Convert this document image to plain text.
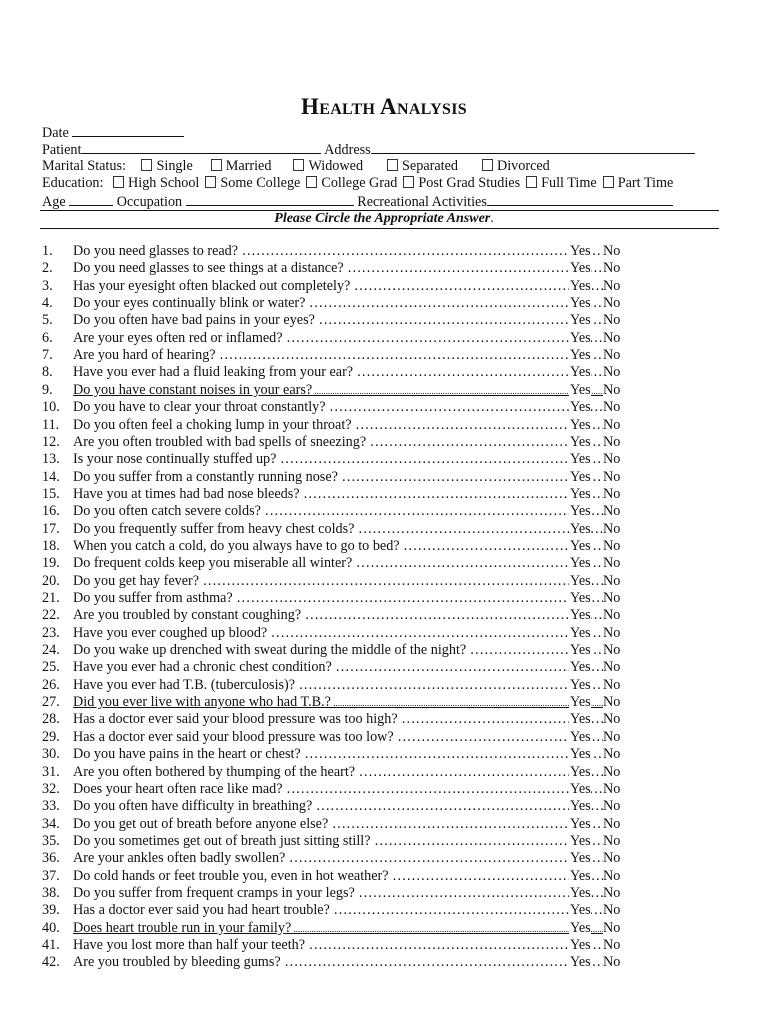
Health Analysis
Date
Patient	Address
Marital Status: Single Married	Widowed	Separated	Divorced
Education: High School Some College College Grad Post Grad Studies Full Time Part Time
Age	Occupation	Recreational Activities
Please Circle the Appropriate Answer.
1.	Do you need glasses to read? ……………………………………………………………………………………………………………………	Yes No
2.	Do you need glasses to see things at a distance? ……………………………………………………………………………………………………………………	Yes No
3.	Has your eyesight often blacked out completely? ……………………………………………………………………………………………………………………	Yes No
4.	Do your eyes continually blink or water? ……………………………………………………………………………………………………………………	Yes No
5.	Do you often have bad pains in your eyes? ……………………………………………………………………………………………………………………	Yes No
6.	Are your eyes often red or inflamed? ……………………………………………………………………………………………………………………	Yes No
7.	Are you hard of hearing? ……………………………………………………………………………………………………………………	Yes No
8.	Have you ever had a fluid leaking from your ear? ……………………………………………………………………………………………………………………	Yes No
9.	Do you have constant noises in your ears? .....	Yes No
10. Do you have to clear your throat constantly? ……………………………………………………………………………………………………………………	Yes No
11. Do you often feel a choking lump in your throat? ……………………………………………………………………………………………………………………	Yes No
12. Are you often troubled with bad spells of sneezing? ……………………………………………………………………………………………………………………	Yes No
13. Is your nose continually stuffed up? ……………………………………………………………………………………………………………………	Yes No
14. Do you suffer from a constantly running nose? ……………………………………………………………………………………………………………………	Yes No
15. Have you at times had bad nose bleeds? ……………………………………………………………………………………………………………………	Yes No
16. Do you often catch severe colds? ……………………………………………………………………………………………………………………	Yes No
17. Do you frequently suffer from heavy chest colds? ……………………………………………………………………………………………………………………	Yes No
18. When you catch a cold, do you always have to go to bed? ……………………………………………………………………………………………………………………	Yes No
19. Do frequent colds keep you miserable all winter? ……………………………………………………………………………………………………………………	Yes No
20. Do you get hay fever? ……………………………………………………………………………………………………………………	Yes No
21. Do you suffer from asthma? ……………………………………………………………………………………………………………………	Yes No
22. Are you troubled by constant coughing? ……………………………………………………………………………………………………………………	Yes No
23. Have you ever coughed up blood? ……………………………………………………………………………………………………………………	Yes No
24. Do you wake up drenched with sweat during the middle of the night? ……………………………………………………………………………………………………………………	Yes No
25. Have you ever had a chronic chest condition? ……………………………………………………………………………………………………………………	Yes No
26. Have you ever had T.B. (tuberculosis)? ……………………………………………………………………………………………………………………	Yes No
27. Did you ever live with anyone who had T.B.? .....	Yes No
28. Has a doctor ever said your blood pressure was too high? ……………………………………………………………………………………………………………………	Yes No
29. Has a doctor ever said your blood pressure was too low? ……………………………………………………………………………………………………………………	Yes No
30. Do you have pains in the heart or chest? ……………………………………………………………………………………………………………………	Yes No
31. Are you often bothered by thumping of the heart? ……………………………………………………………………………………………………………………	Yes No
32. Does your heart often race like mad? ……………………………………………………………………………………………………………………	Yes No
33. Do you often have difficulty in breathing? ……………………………………………………………………………………………………………………	Yes No
34. Do you get out of breath before anyone else? ……………………………………………………………………………………………………………………	Yes No
35. Do you sometimes get out of breath just sitting still? ……………………………………………………………………………………………………………………	Yes No
36. Are your ankles often badly swollen? ……………………………………………………………………………………………………………………	Yes No
37. Do cold hands or feet trouble you, even in hot weather? ……………………………………………………………………………………………………………………	Yes No
38. Do you suffer from frequent cramps in your legs? ……………………………………………………………………………………………………………………	Yes No
39. Has a doctor ever said you had heart trouble? ……………………………………………………………………………………………………………………	Yes No
40. Does heart trouble run in your family? .....	Yes No
41. Have you lost more than half your teeth? ……………………………………………………………………………………………………………………	Yes No
42. Are you troubled by bleeding gums? ……………………………………………………………………………………………………………………	Yes No
